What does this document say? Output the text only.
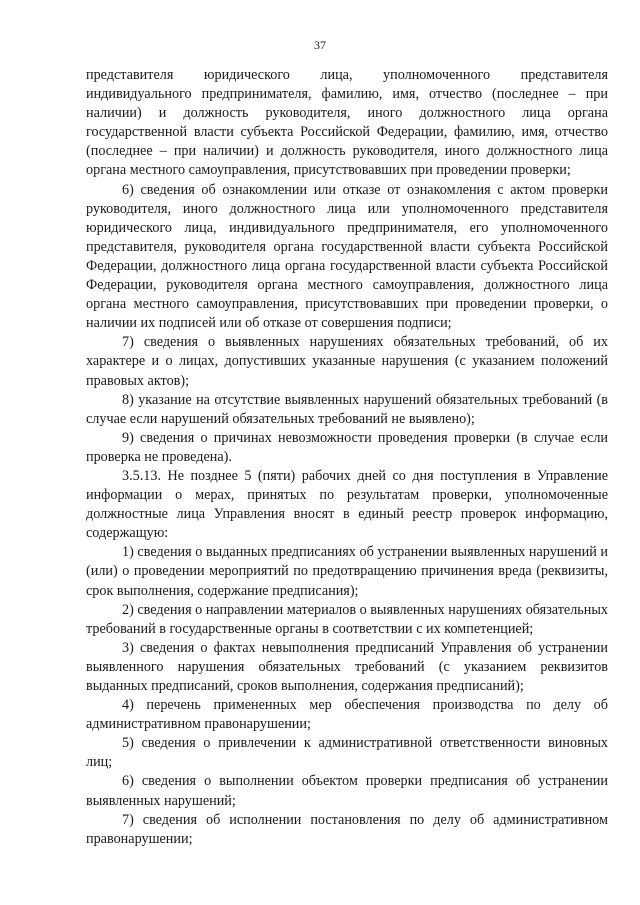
37

представителя юридического лица, уполномоченного представителя индивидуального предпринимателя, фамилию, имя, отчество (последнее – при наличии) и должность руководителя, иного должностного лица органа государственной власти субъекта Российской Федерации, фамилию, имя, отчество (последнее – при наличии) и должность руководителя, иного должностного лица органа местного самоуправления, присутствовавших при проведении проверки;

6) сведения об ознакомлении или отказе от ознакомления с актом проверки руководителя, иного должностного лица или уполномоченного представителя юридического лица, индивидуального предпринимателя, его уполномоченного представителя, руководителя органа государственной власти субъекта Российской Федерации, должностного лица органа государственной власти субъекта Российской Федерации, руководителя органа местного самоуправления, должностного лица органа местного самоуправления, присутствовавших при проведении проверки, о наличии их подписей или об отказе от совершения подписи;

7) сведения о выявленных нарушениях обязательных требований, об их характере и о лицах, допустивших указанные нарушения (с указанием положений правовых актов);

8) указание на отсутствие выявленных нарушений обязательных требований (в случае если нарушений обязательных требований не выявлено);

9) сведения о причинах невозможности проведения проверки (в случае если проверка не проведена).

3.5.13. Не позднее 5 (пяти) рабочих дней со дня поступления в Управление информации о мерах, принятых по результатам проверки, уполномоченные должностные лица Управления вносят в единый реестр проверок информацию, содержащую:

1) сведения о выданных предписаниях об устранении выявленных нарушений и (или) о проведении мероприятий по предотвращению причинения вреда (реквизиты, срок выполнения, содержание предписания);

2) сведения о направлении материалов о выявленных нарушениях обязательных требований в государственные органы в соответствии с их компетенцией;

3) сведения о фактах невыполнения предписаний Управления об устранении выявленного нарушения обязательных требований (с указанием реквизитов выданных предписаний, сроков выполнения, содержания предписаний);

4) перечень примененных мер обеспечения производства по делу об административном правонарушении;

5) сведения о привлечении к административной ответственности виновных лиц;

6) сведения о выполнении объектом проверки предписания об устранении выявленных нарушений;

7) сведения об исполнении постановления по делу об административном правонарушении;
